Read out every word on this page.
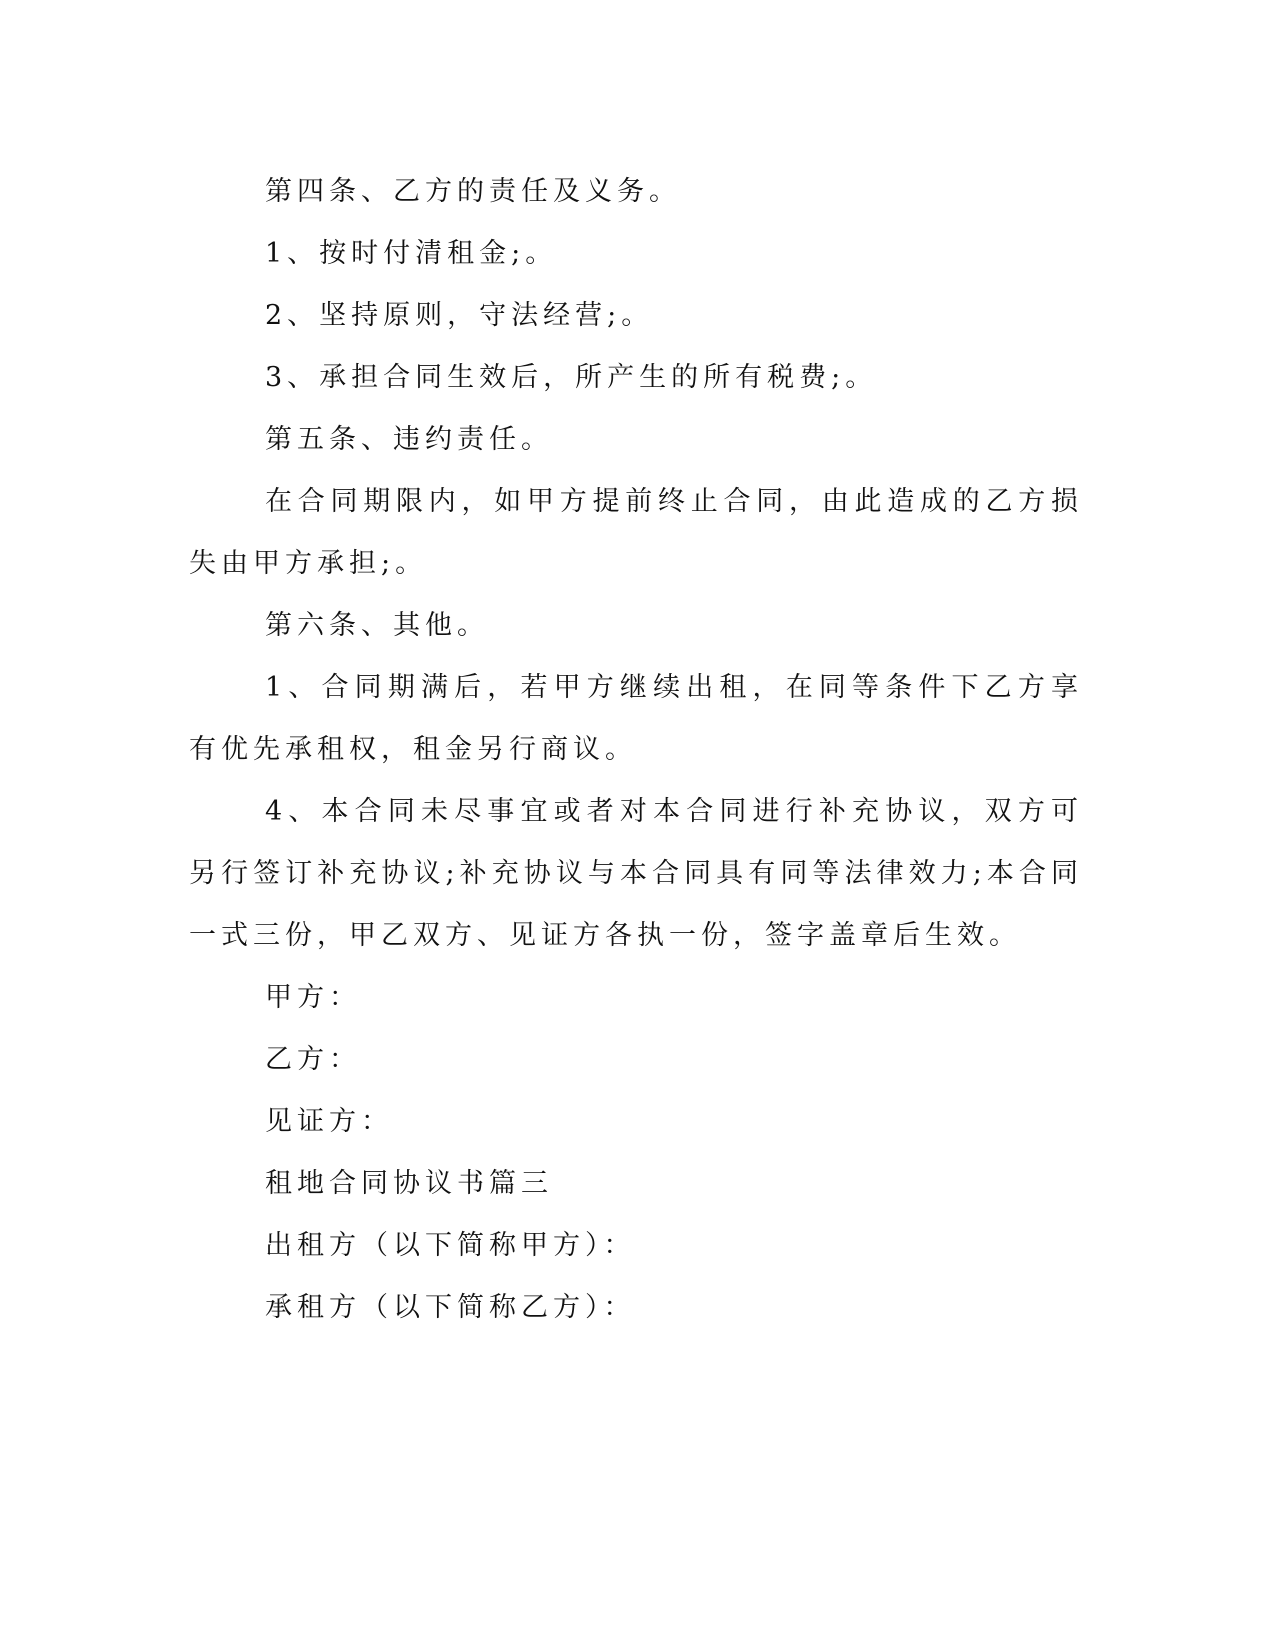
第四条、乙方的责任及义务。

1、按时付清租金;。

2、坚持原则，守法经营;。

3、承担合同生效后，所产生的所有税费;。

第五条、违约责任。

在合同期限内，如甲方提前终止合同，由此造成的乙方损失由甲方承担;。

第六条、其他。

1、合同期满后，若甲方继续出租，在同等条件下乙方享有优先承租权，租金另行商议。

4、本合同未尽事宜或者对本合同进行补充协议，双方可另行签订补充协议;补充协议与本合同具有同等法律效力;本合同一式三份，甲乙双方、见证方各执一份，签字盖章后生效。

甲方：

乙方：

见证方：

租地合同协议书篇三

出租方（以下简称甲方）：

承租方（以下简称乙方）：
